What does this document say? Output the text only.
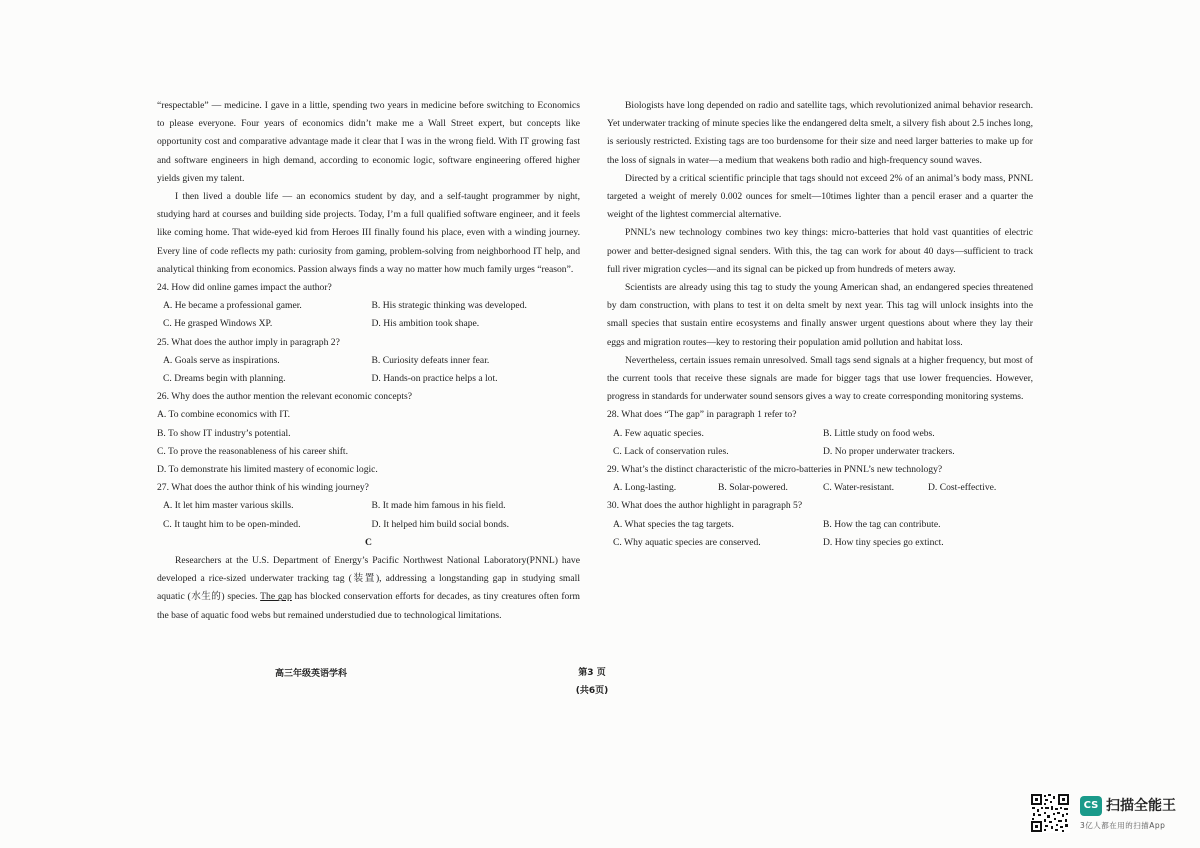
“respectable” — medicine. I gave in a little, spending two years in medicine before switching to Economics to please everyone. Four years of economics didn’t make me a Wall Street expert, but concepts like opportunity cost and comparative advantage made it clear that I was in the wrong field. With IT growing fast and software engineers in high demand, according to economic logic, software engineering offered higher yields given my talent.

I then lived a double life — an economics student by day, and a self-taught programmer by night, studying hard at courses and building side projects. Today, I’m a full qualified software engineer, and it feels like coming home. That wide-eyed kid from Heroes III finally found his place, even with a winding journey. Every line of code reflects my path: curiosity from gaming, problem-solving from neighborhood IT help, and analytical thinking from economics. Passion always finds a way no matter how much family urges “reason”.

24. How did online games impact the author?

A. He became a professional gamer.	B. His strategic thinking was developed.
C. He grasped Windows XP.	D. His ambition took shape.

25. What does the author imply in paragraph 2?

A. Goals serve as inspirations.	B. Curiosity defeats inner fear.
C. Dreams begin with planning.	D. Hands-on practice helps a lot.

26. Why does the author mention the relevant economic concepts?

A. To combine economics with IT.

B. To show IT industry’s potential.

C. To prove the reasonableness of his career shift.

D. To demonstrate his limited mastery of economic logic.

27. What does the author think of his winding journey?

A. It let him master various skills.	B. It made him famous in his field.
C. It taught him to be open-minded.	D. It helped him build social bonds.

C

Researchers at the U.S. Department of Energy’s Pacific Northwest National Laboratory(PNNL) have developed a rice-sized underwater tracking tag (装置), addressing a longstanding gap in studying small aquatic (水生的) species. The gap has blocked conservation efforts for decades, as tiny creatures often form the base of aquatic food webs but remained understudied due to technological limitations.

Biologists have long depended on radio and satellite tags, which revolutionized animal behavior research. Yet underwater tracking of minute species like the endangered delta smelt, a silvery fish about 2.5 inches long, is seriously restricted. Existing tags are too burdensome for their size and need larger batteries to make up for the loss of signals in water—a medium that weakens both radio and high-frequency sound waves.

Directed by a critical scientific principle that tags should not exceed 2% of an animal’s body mass, PNNL targeted a weight of merely 0.002 ounces for smelt—10times lighter than a pencil eraser and a quarter the weight of the lightest commercial alternative.

PNNL’s new technology combines two key things: micro-batteries that hold vast quantities of electric power and better-designed signal senders. With this, the tag can work for about 40 days—sufficient to track full river migration cycles—and its signal can be picked up from hundreds of meters away.

Scientists are already using this tag to study the young American shad, an endangered species threatened by dam construction, with plans to test it on delta smelt by next year. This tag will unlock insights into the small species that sustain entire ecosystems and finally answer urgent questions about where they lay their eggs and migration routes—key to restoring their population amid pollution and habitat loss.

Nevertheless, certain issues remain unresolved. Small tags send signals at a higher frequency, but most of the current tools that receive these signals are made for bigger tags that use lower frequencies. However, progress in standards for underwater sound sensors gives a way to create corresponding monitoring systems.

28. What does “The gap” in paragraph 1 refer to?

A. Few aquatic species.	B. Little study on food webs.
C. Lack of conservation rules.	D. No proper underwater trackers.

29. What’s the distinct characteristic of the micro-batteries in PNNL’s new technology?

A. Long-lasting.	B. Solar-powered.	C. Water-resistant.	D. Cost-effective.

30. What does the author highlight in paragraph 5?

A. What species the tag targets.	B. How the tag can contribute.
C. Why aquatic species are conserved.	D. How tiny species go extinct.
高三年级英语学科	第3 页
(共6页)
CS 扫描全能王
3亿人都在用的扫描App
